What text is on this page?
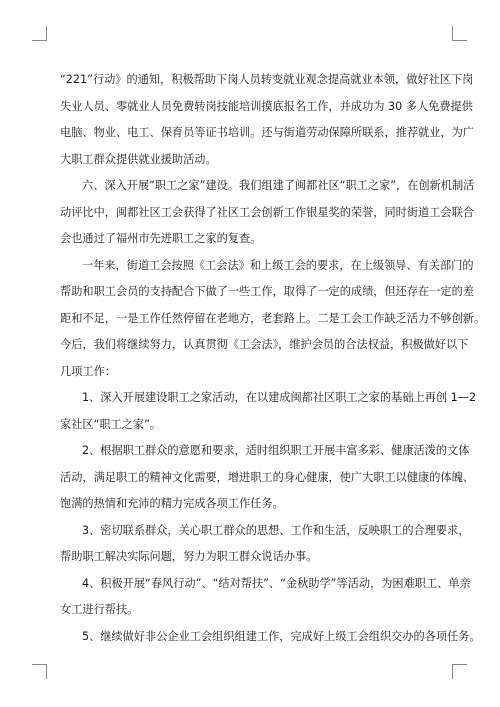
“221”行动》的通知，积极帮助下岗人员转变就业观念提高就业本领，做好社区下岗
失业人员、零就业人员免费转岗技能培训摸底报名工作，并成功为 30 多人免费提供
电脑、物业、电工、保育员等证书培训。还与街道劳动保障所联系，推荐就业，为广
大职工群众提供就业援助活动。

六、深入开展“职工之家”建设。我们组建了闽都社区“职工之家”，在创新机制活
动评比中，闽都社区工会获得了社区工会创新工作银星奖的荣誉，同时街道工会联合
会也通过了福州市先进职工之家的复查。

一年来，街道工会按照《工会法》和上级工会的要求，在上级领导、有关部门的
帮助和职工会员的支持配合下做了一些工作，取得了一定的成绩，但还存在一定的差
距和不足，一是工作任然停留在老地方，老套路上。二是工会工作缺乏活力不够创新。
今后，我们将继续努力，认真贯彻《工会法》，维护会员的合法权益，积极做好以下
几项工作：

1、深入开展建设职工之家活动，在以建成闽都社区职工之家的基础上再创 1—2
家社区“职工之家”。

2、根据职工群众的意愿和要求，适时组织职工开展丰富多彩、健康活泼的文体
活动，满足职工的精神文化需要，增进职工的身心健康，使广大职工以健康的体魄、
饱满的热情和充沛的精力完成各项工作任务。

3、密切联系群众，关心职工群众的思想、工作和生活，反映职工的合理要求，
帮助职工解决实际问题，努力为职工群众说话办事。

4、积极开展“春风行动”、“结对帮扶”、“金秋助学”等活动，为困难职工、单亲
女工进行帮扶。

5、继续做好非公企业工会组织组建工作，完成好上级工会组织交办的各项任务。
